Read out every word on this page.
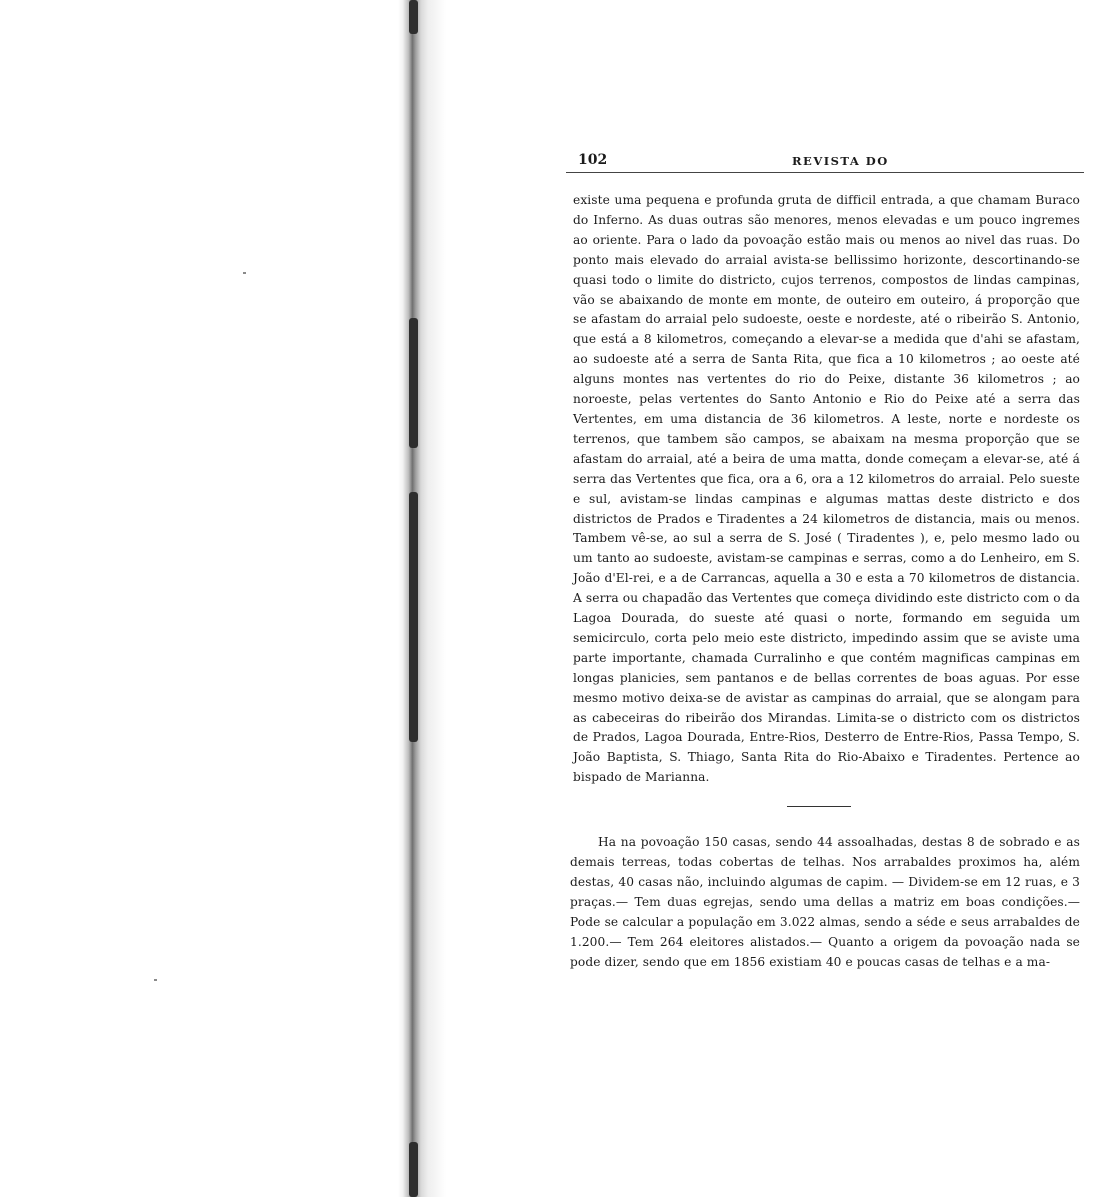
102	REVISTA DO

existe uma pequena e profunda gruta de difficil entrada, a que chamam Buraco do Inferno. As duas outras são menores, menos elevadas e um pouco ingremes ao oriente. Para o lado da povoação estão mais ou menos ao nivel das ruas. Do ponto mais elevado do arraial avista-se bellissimo horizonte, descortinando-se quasi todo o limite do districto, cujos terrenos, compostos de lindas campinas, vão se abaixando de monte em monte, de outeiro em outeiro, á proporção que se afastam do arraial pelo sudoeste, oeste e nordeste, até o ribeirão S. Antonio, que está a 8 kilometros, começando a elevar-se a medida que d'ahi se afastam, ao sudoeste até a serra de Santa Rita, que fica a 10 kilometros ; ao oeste até alguns montes nas vertentes do rio do Peixe, distante 36 kilometros ; ao noroeste, pelas vertentes do Santo Antonio e Rio do Peixe até a serra das Vertentes, em uma distancia de 36 kilometros. A leste, norte e nordeste os terrenos, que tambem são campos, se abaixam na mesma proporção que se afastam do arraial, até a beira de uma matta, donde começam a elevar-se, até á serra das Vertentes que fica, ora a 6, ora a 12 kilometros do arraial. Pelo sueste e sul, avistam-se lindas campinas e algumas mattas deste districto e dos districtos de Prados e Tiradentes a 24 kilometros de distancia, mais ou menos. Tambem vê-se, ao sul a serra de S. José ( Tiradentes ), e, pelo mesmo lado ou um tanto ao sudoeste, avistam-se campinas e serras, como a do Lenheiro, em S. João d'El-rei, e a de Carrancas, aquella a 30 e esta a 70 kilometros de distancia. A serra ou chapadão das Vertentes que começa dividindo este districto com o da Lagoa Dourada, do sueste até quasi o norte, formando em seguida um semicirculo, corta pelo meio este districto, impedindo assim que se aviste uma parte importante, chamada Curralinho e que contém magnificas campinas em longas planicies, sem pantanos e de bellas correntes de boas aguas. Por esse mesmo motivo deixa-se de avistar as campinas do arraial, que se alongam para as cabeceiras do ribeirão dos Mirandas. Limita-se o districto com os districtos de Prados, Lagoa Dourada, Entre-Rios, Desterro de Entre-Rios, Passa Tempo, S. João Baptista, S. Thiago, Santa Rita do Rio-Abaixo e Tiradentes. Pertence ao bispado de Marianna.

Ha na povoação 150 casas, sendo 44 assoalhadas, destas 8 de sobrado e as demais terreas, todas cobertas de telhas. Nos arrabaldes proximos ha, além destas, 40 casas não, incluindo algumas de capim. — Dividem-se em 12 ruas, e 3 praças.— Tem duas egrejas, sendo uma dellas a matriz em boas condições.— Pode se calcular a população em 3.022 almas, sendo a séde e seus arrabaldes de 1.200.— Tem 264 eleitores alistados.— Quanto a origem da povoação nada se pode dizer, sendo que em 1856 existiam 40 e poucas casas de telhas e a ma-
